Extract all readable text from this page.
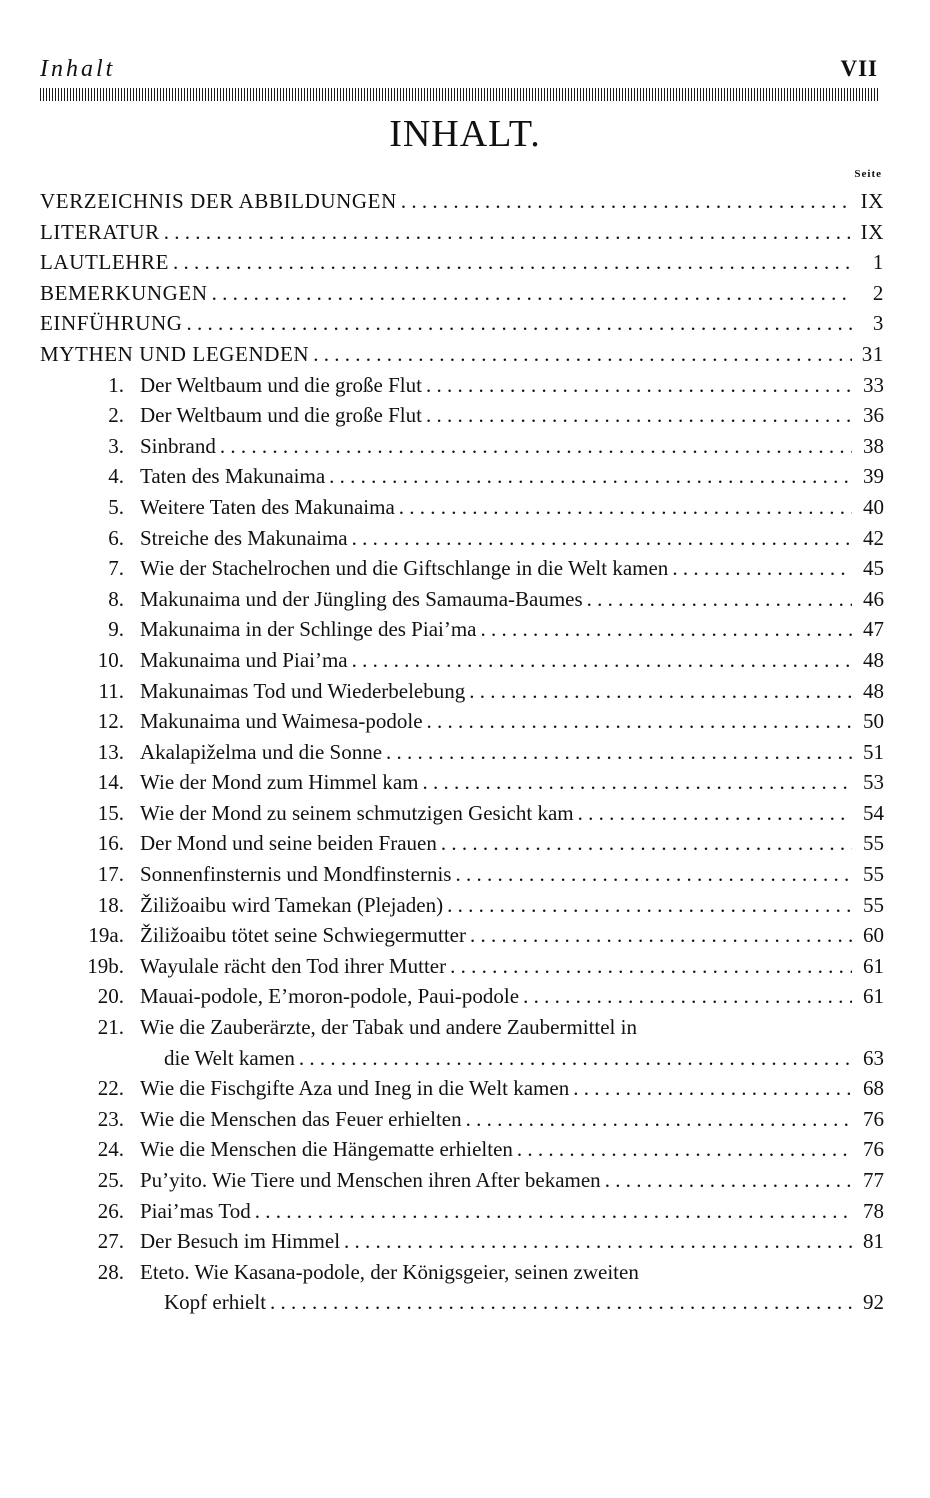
Inhalt	VII
INHALT.
Seite
VERZEICHNIS DER ABBILDUNGEN . . .	IX
LITERATUR . . .	IX
LAUTLEHRE . . .	1
BEMERKUNGEN . . .	2
EINFÜHRUNG . . .	3
MYTHEN UND LEGENDEN . . .	31
1. Der Weltbaum und die große Flut . . .	33
2. Der Weltbaum und die große Flut . . .	36
3. Sinbrand . . .	38
4. Taten des Makunaima . . .	39
5. Weitere Taten des Makunaima . . .	40
6. Streiche des Makunaima . . .	42
7. Wie der Stachelrochen und die Giftschlange in die Welt kamen . . .	45
8. Makunaima und der Jüngling des Samauma-Baumes . . .	46
9. Makunaima in der Schlinge des Piai’ma . . .	47
10. Makunaima und Piai’ma . . .	48
11. Makunaimas Tod und Wiederbelebung . . .	48
12. Makunaima und Waimesa-podole . . .	50
13. Akalapiželma und die Sonne . . .	51
14. Wie der Mond zum Himmel kam . . .	53
15. Wie der Mond zu seinem schmutzigen Gesicht kam . . .	54
16. Der Mond und seine beiden Frauen . . .	55
17. Sonnenfinsternis und Mondfinsternis . . .	55
18. Žiližoaibu wird Tamekan (Plejaden) . . .	55
19a. Žiližoaibu tötet seine Schwiegermutter . . .	60
19b. Wayulale rächt den Tod ihrer Mutter . . .	61
20. Mauai-podole, E’moron-podole, Paui-podole . . .	61
21. Wie die Zauberärzte, der Tabak und andere Zaubermittel in
die Welt kamen . . .	63
22. Wie die Fischgifte Aza und Ineg in die Welt kamen . . .	68
23. Wie die Menschen das Feuer erhielten . . .	76
24. Wie die Menschen die Hängematte erhielten . . .	76
25. Pu’yito. Wie Tiere und Menschen ihren After bekamen . . .	77
26. Piai’mas Tod . . .	78
27. Der Besuch im Himmel . . .	81
28. Eteto. Wie Kasana-podole, der Königsgeier, seinen zweiten
Kopf erhielt . . .	92
